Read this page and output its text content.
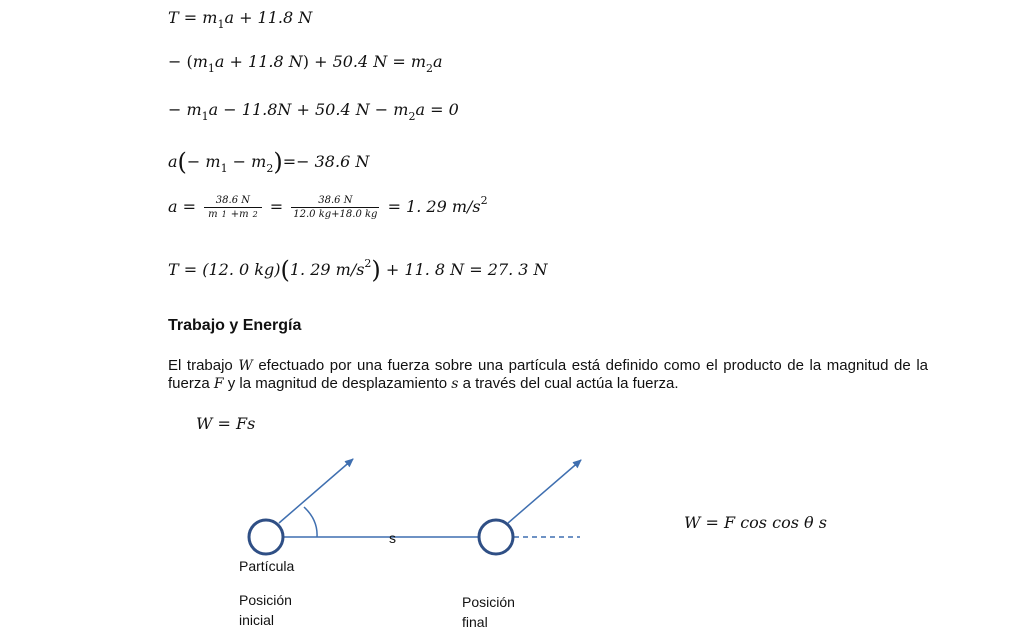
$T = m_1a + 11.8$ N
− ($m_1a + 11.8$ N) + 50.4 $N = m_2a$
− $m_1a - 11.8N + 50.4$ $N - m_2a = 0$
$a(- m_1 - m_2)=- 38.6$ N
$a = \frac{38.6 N}{m 1 +m 2} = \frac{38.6 N}{12.0 kg+18.0 kg} = 1$. 29 $m/s^2$
T = (12. 0 kg)(1. 29 $m/s^2) + 11$. 8 N = 27. 3 N
Trabajo y Energía
El trabajo W efectuado por una fuerza sobre una partícula está definido como el producto de la magnitud de la fuerza F y la magnitud de desplazamiento s a través del cual actúa la fuerza.
W = Fs
W = F cos cos θ s
s
Partícula
Posición
inicial
Posición
final
